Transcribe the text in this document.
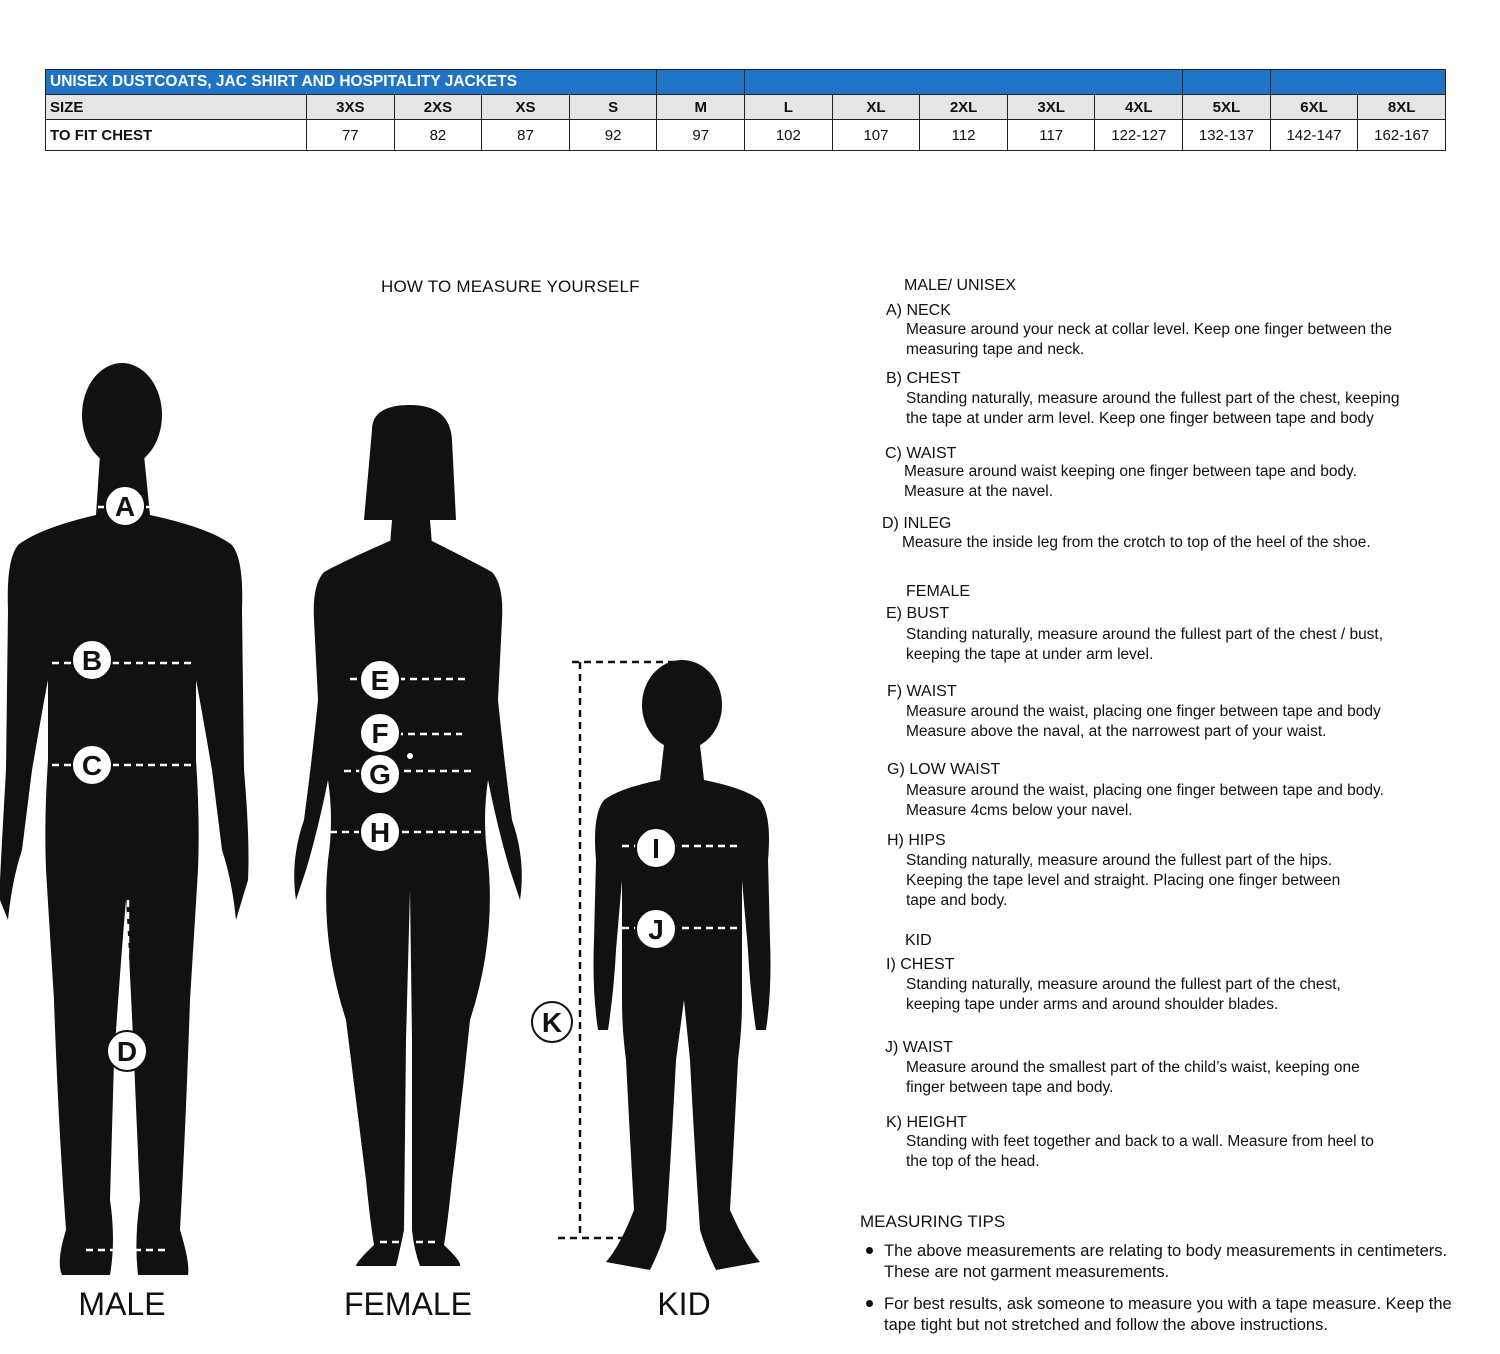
UNISEX DUSTCOATS, JAC SHIRT AND HOSPITALITY JACKETS													
SIZE	3XS	2XS	XS	S	M	L	XL	2XL	3XL	4XL	5XL	6XL	8XL
TO FIT CHEST	77	82	87	92	97	102	107	112	117	122-127	132-137	142-147	162-167
HOW TO MEASURE YOURSELF
A
B
C
D
E
F
G
H
I
J
K
MALE	FEMALE	KID
MALE/ UNISEX
A) NECK
Measure around your neck at collar level. Keep one finger between the
measuring tape and neck.
B) CHEST
Standing naturally, measure around the fullest part of the chest, keeping
the tape at under arm level. Keep one finger between tape and body
C) WAIST
Measure around waist keeping one finger between tape and body.
Measure at the navel.
D) INLEG
Measure the inside leg from the crotch to top of the heel of the shoe.
FEMALE
E) BUST
Standing naturally, measure around the fullest part of the chest / bust,
keeping the tape at under arm level.
F) WAIST
Measure around the waist, placing one finger between tape and body
Measure above the naval, at the narrowest part of your waist.
G) LOW WAIST
Measure around the waist, placing one finger between tape and body.
Measure 4cms below your navel.
H) HIPS
Standing naturally, measure around the fullest part of the hips.
Keeping the tape level and straight. Placing one finger between
tape and body.
KID
I) CHEST
Standing naturally, measure around the fullest part of the chest,
keeping tape under arms and around shoulder blades.
J) WAIST
Measure around the smallest part of the child’s waist, keeping one
finger between tape and body.
K) HEIGHT
Standing with feet together and back to a wall. Measure from heel to
the top of the head.
MEASURING TIPS
The above measurements are relating to body measurements in centimeters.
These are not garment measurements.
For best results, ask someone to measure you with a tape measure. Keep the
tape tight but not stretched and follow the above instructions.
